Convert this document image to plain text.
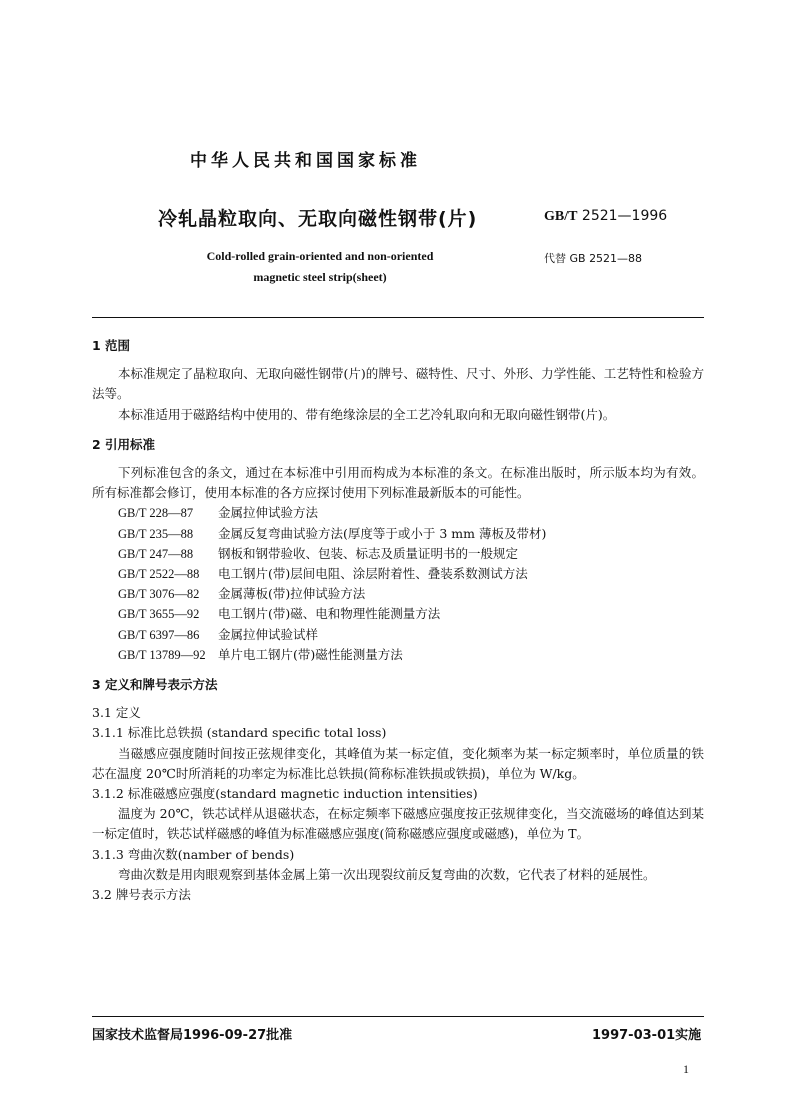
中华人民共和国国家标准
冷轧晶粒取向、无取向磁性钢带(片)	GB/T 2521—1996
Cold-rolled grain-oriented and non-oriented
magnetic steel strip(sheet)
代替 GB 2521—88

1 范围

本标准规定了晶粒取向、无取向磁性钢带(片)的牌号、磁特性、尺寸、外形、力学性能、工艺特性和检验方法等。

本标准适用于磁路结构中使用的、带有绝缘涂层的全工艺冷轧取向和无取向磁性钢带(片)。

2 引用标准

下列标准包含的条文，通过在本标准中引用而构成为本标准的条文。在标准出版时，所示版本均为有效。所有标准都会修订，使用本标准的各方应探讨使用下列标准最新版本的可能性。

GB/T 228—87 金属拉伸试验方法

GB/T 235—88 金属反复弯曲试验方法(厚度等于或小于 3 mm 薄板及带材)

GB/T 247—88 钢板和钢带验收、包装、标志及质量证明书的一般规定

GB/T 2522—88 电工钢片(带)层间电阻、涂层附着性、叠装系数测试方法

GB/T 3076—82 金属薄板(带)拉伸试验方法

GB/T 3655—92 电工钢片(带)磁、电和物理性能测量方法

GB/T 6397—86 金属拉伸试验试样

GB/T 13789—92 单片电工钢片(带)磁性能测量方法

3 定义和牌号表示方法

3.1 定义

3.1.1 标准比总铁损 (standard specific total loss)

当磁感应强度随时间按正弦规律变化，其峰值为某一标定值，变化频率为某一标定频率时，单位质量的铁芯在温度 20℃时所消耗的功率定为标准比总铁损(简称标准铁损或铁损)，单位为 W/kg。

3.1.2 标准磁感应强度(standard magnetic induction intensities)

温度为 20℃，铁芯试样从退磁状态，在标定频率下磁感应强度按正弦规律变化，当交流磁场的峰值达到某一标定值时，铁芯试样磁感的峰值为标准磁感应强度(简称磁感应强度或磁感)，单位为 T。

3.1.3 弯曲次数(namber of bends)

弯曲次数是用肉眼观察到基体金属上第一次出现裂纹前反复弯曲的次数，它代表了材料的延展性。

3.2 牌号表示方法

国家技术监督局1996-09-27批准	1997-03-01实施
1
